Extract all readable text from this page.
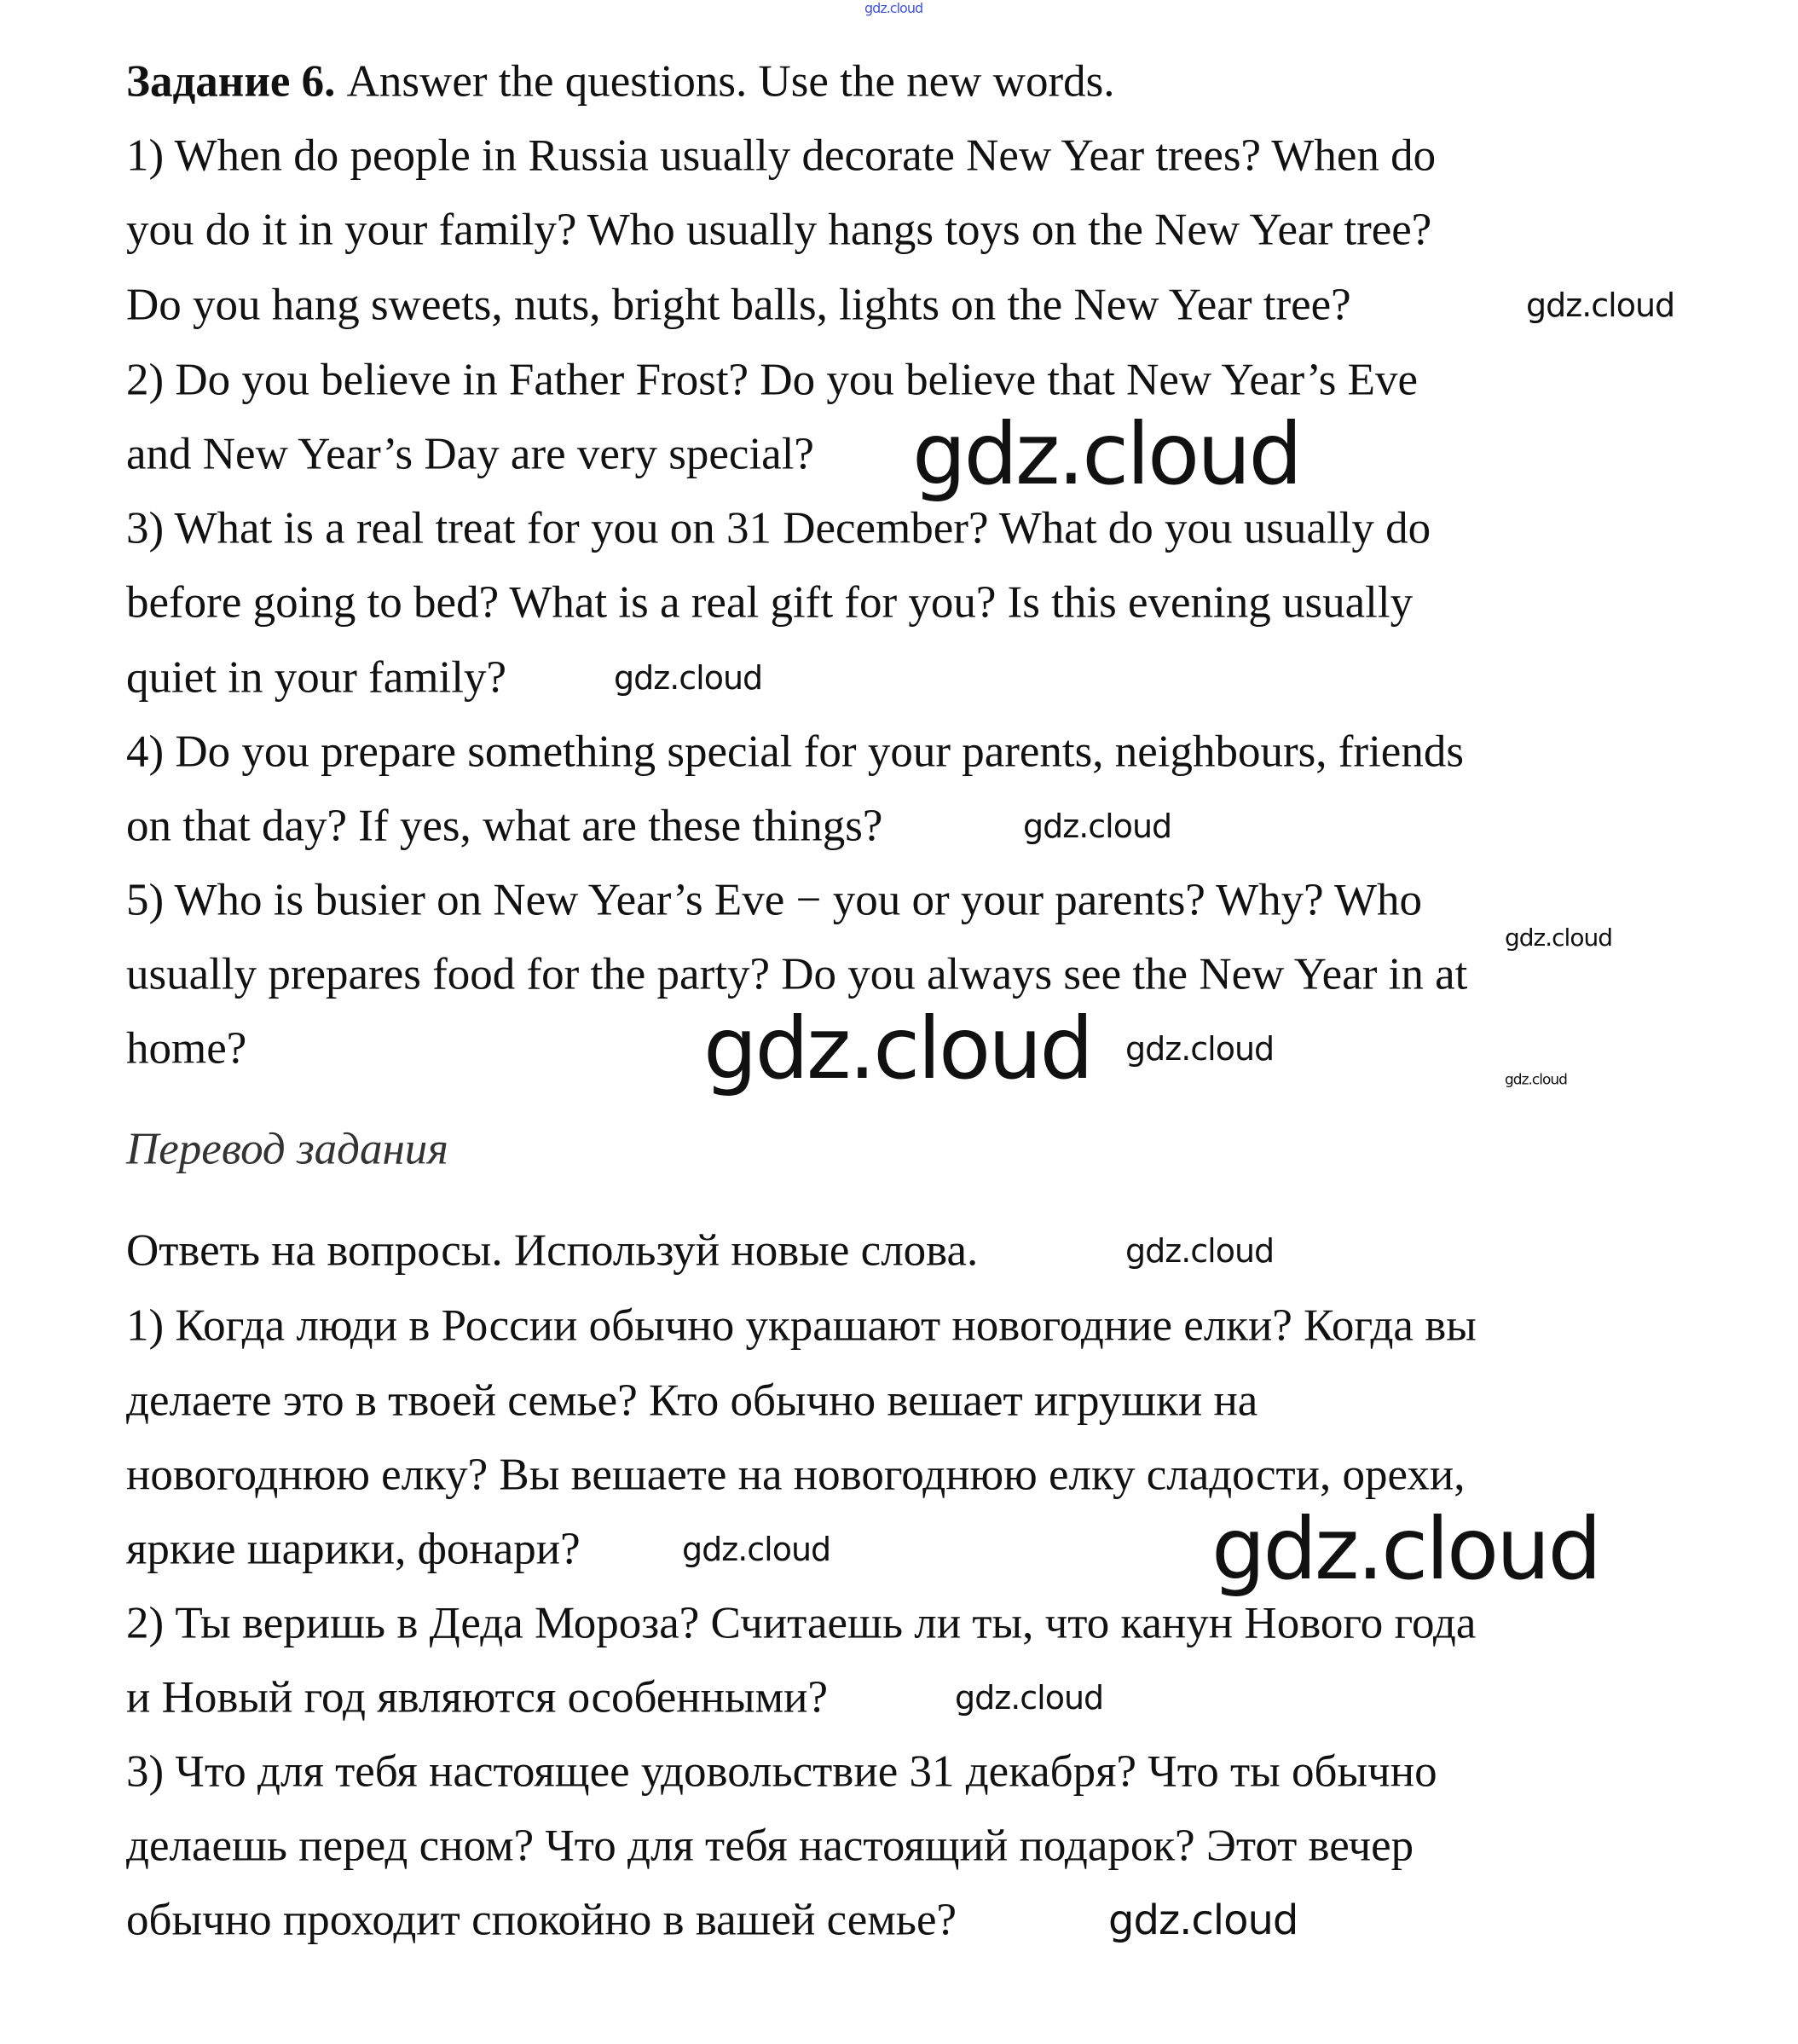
Задание 6. Answer the questions. Use the new words.
1) When do people in Russia usually decorate New Year trees? When do
you do it in your family? Who usually hangs toys on the New Year tree?
Do you hang sweets, nuts, bright balls, lights on the New Year tree?
2) Do you believe in Father Frost? Do you believe that New Year’s Eve
and New Year’s Day are very special?
3) What is a real treat for you on 31 December? What do you usually do
before going to bed? What is a real gift for you? Is this evening usually
quiet in your family?
4) Do you prepare something special for your parents, neighbours, friends
on that day? If yes, what are these things?
5) Who is busier on New Year’s Eve − you or your parents? Why? Who
usually prepares food for the party? Do you always see the New Year in at
home?
Перевод задания
Ответь на вопросы. Используй новые слова.
1) Когда люди в России обычно украшают новогодние елки? Когда вы
делаете это в твоей семье? Кто обычно вешает игрушки на
новогоднюю елку? Вы вешаете на новогоднюю елку сладости, орехи,
яркие шарики, фонари?
2) Ты веришь в Деда Мороза? Считаешь ли ты, что канун Нового года
и Новый год являются особенными?
3) Что для тебя настоящее удовольствие 31 декабря? Что ты обычно
делаешь перед сном? Что для тебя настоящий подарок? Этот вечер
обычно проходит спокойно в вашей семье?
gdz.cloud
gdz.cloud
gdz.cloud
gdz.cloud
gdz.cloud
gdz.cloud
gdz.cloud	gdz.cloud
gdz.cloud
gdz.cloud
gdz.cloud	gdz.cloud
gdz.cloud
gdz.cloud
